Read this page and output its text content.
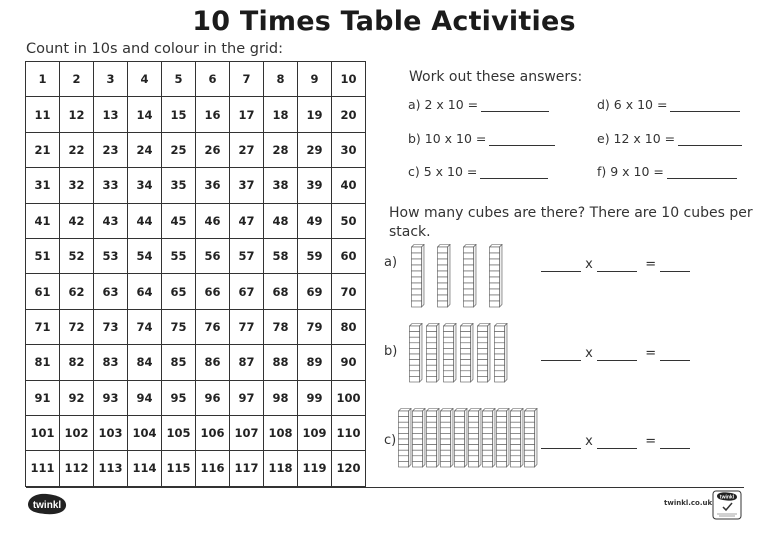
10 Times Table Activities
Count in 10s and colour in the grid:
1	2	3	4	5	6	7	8	9	10
11	12	13	14	15	16	17	18	19	20
21	22	23	24	25	26	27	28	29	30
31	32	33	34	35	36	37	38	39	40
41	42	43	44	45	46	47	48	49	50
51	52	53	54	55	56	57	58	59	60
61	62	63	64	65	66	67	68	69	70
71	72	73	74	75	76	77	78	79	80
81	82	83	84	85	86	87	88	89	90
91	92	93	94	95	96	97	98	99	100
101	102	103	104	105	106	107	108	109	110
111	112	113	114	115	116	117	118	119	120
Work out these answers:
a) 2 x 10 =
b) 10 x 10 =
c) 5 x 10 =
d) 6 x 10 =
e) 12 x 10 =
f) 9 x 10 =
How many cubes are there? There are 10 cubes per stack.
a)
b)
c)
x	=
x	=
x	=
twinkl	twinkl.co.uk
twinkl
